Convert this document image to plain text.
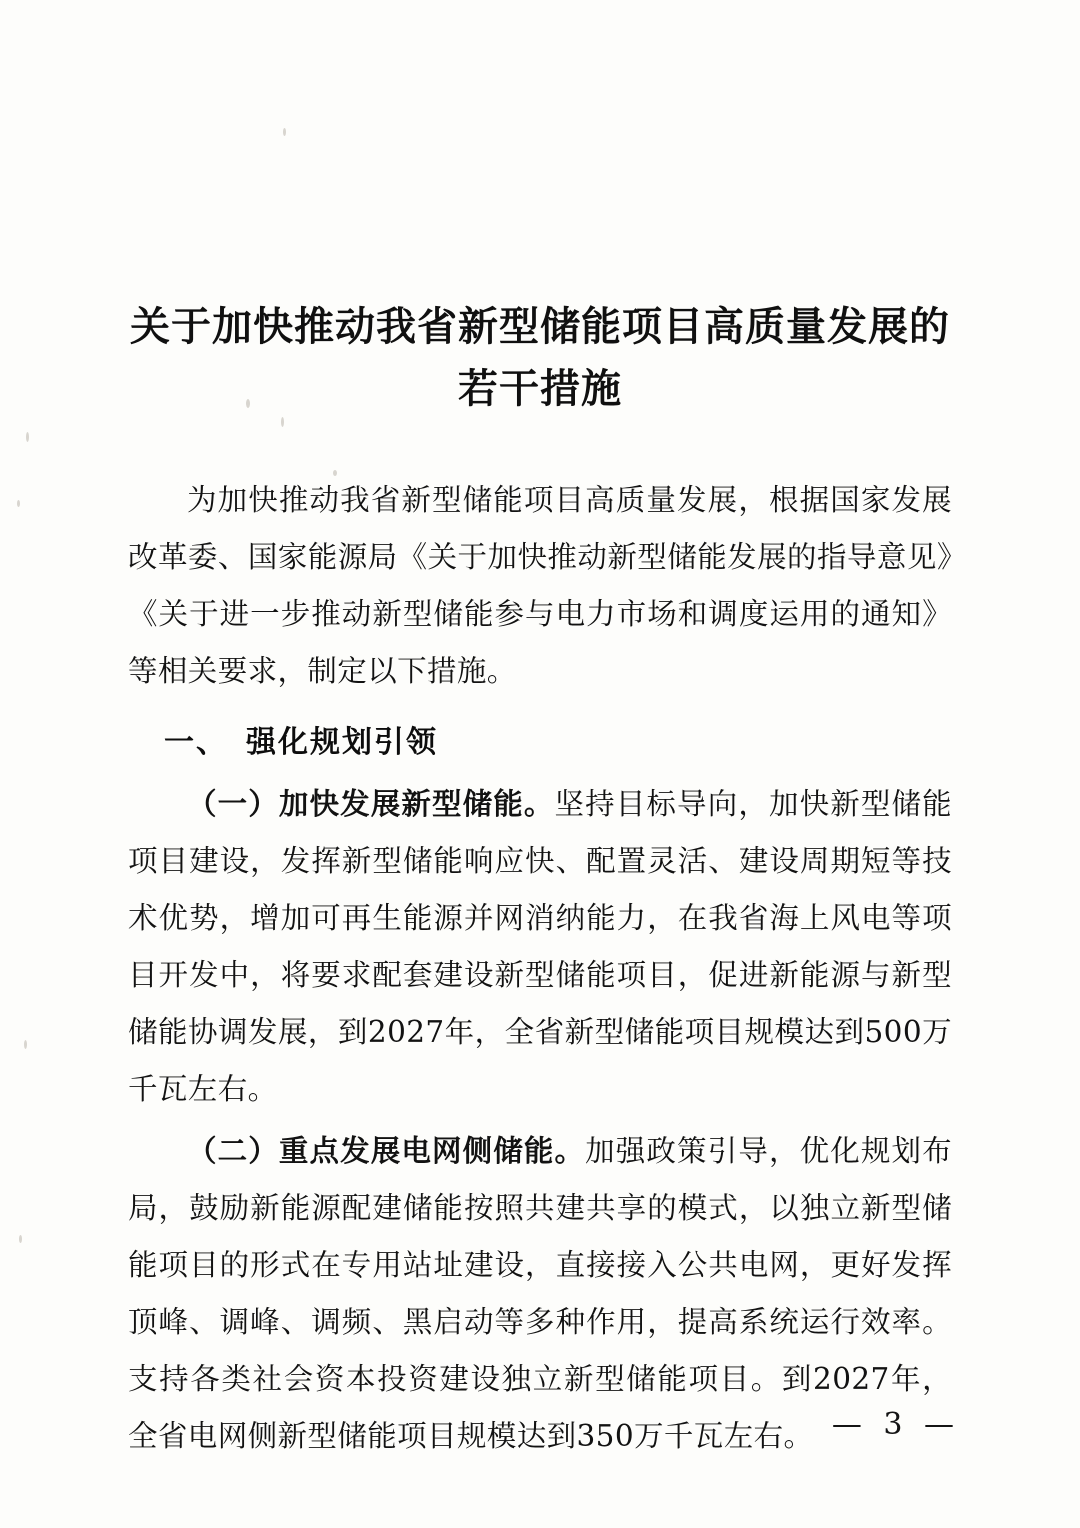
关于加快推动我省新型储能项目高质量发展的
若干措施

为加快推动我省新型储能项目高质量发展，根据国家发展改革委、国家能源局《关于加快推动新型储能发展的指导意见》《关于进一步推动新型储能参与电力市场和调度运用的通知》等相关要求，制定以下措施。

一、 强化规划引领

（一）加快发展新型储能。坚持目标导向，加快新型储能项目建设，发挥新型储能响应快、配置灵活、建设周期短等技术优势，增加可再生能源并网消纳能力，在我省海上风电等项目开发中，将要求配套建设新型储能项目，促进新能源与新型储能协调发展，到2027年，全省新型储能项目规模达到500万千瓦左右。

（二）重点发展电网侧储能。加强政策引导，优化规划布局，鼓励新能源配建储能按照共建共享的模式，以独立新型储能项目的形式在专用站址建设，直接接入公共电网，更好发挥顶峰、调峰、调频、黑启动等多种作用，提高系统运行效率。支持各类社会资本投资建设独立新型储能项目。到2027年，全省电网侧新型储能项目规模达到350万千瓦左右。 — 3 —
